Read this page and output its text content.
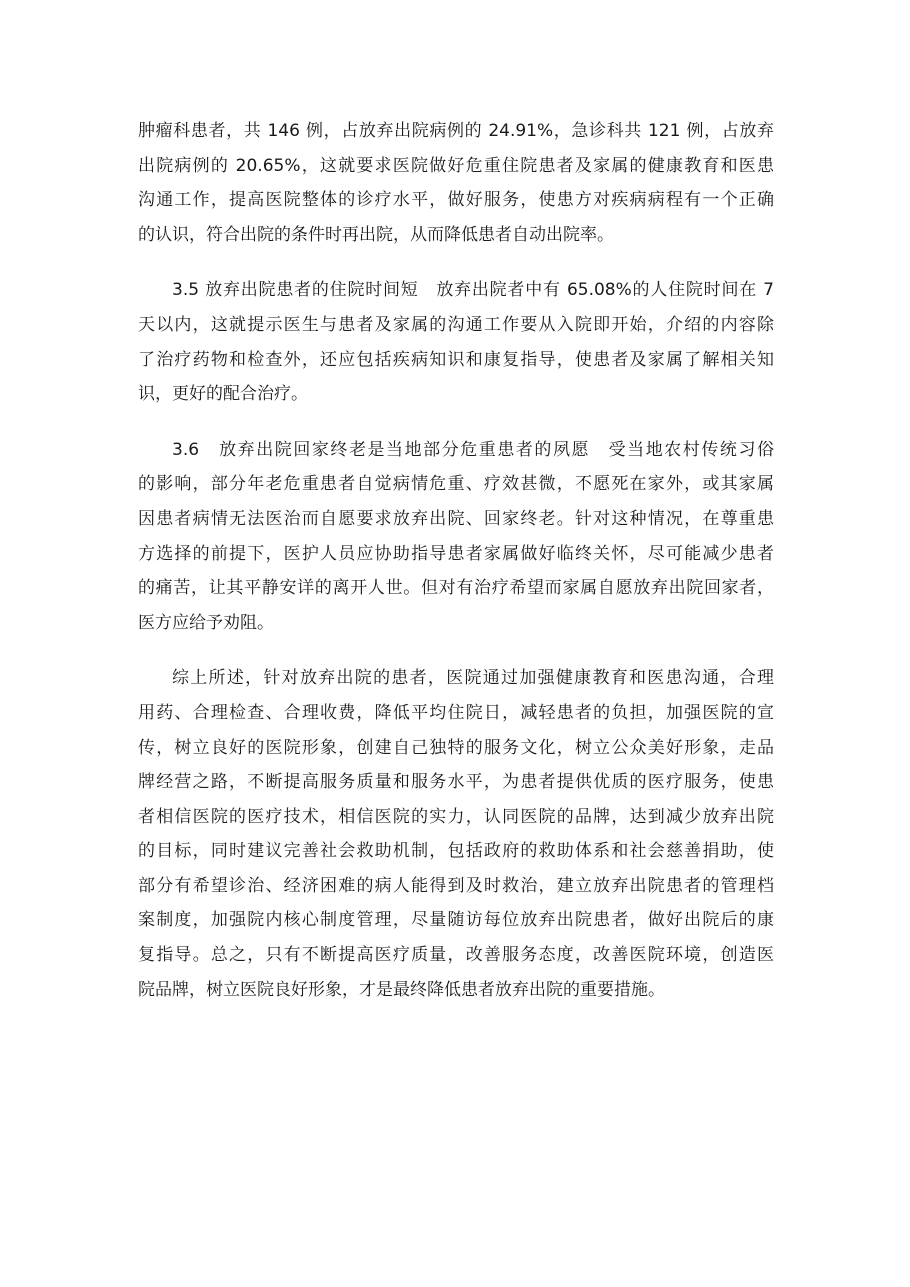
肿瘤科患者，共 146 例，占放弃出院病例的 24.91%，急诊科共 121 例，占放弃
出院病例的 20.65%，这就要求医院做好危重住院患者及家属的健康教育和医患
沟通工作，提高医院整体的诊疗水平，做好服务，使患方对疾病病程有一个正确
的认识，符合出院的条件时再出院，从而降低患者自动出院率。
3.5 放弃出院患者的住院时间短　放弃出院者中有 65.08%的人住院时间在 7
天以内，这就提示医生与患者及家属的沟通工作要从入院即开始，介绍的内容除
了治疗药物和检查外，还应包括疾病知识和康复指导，使患者及家属了解相关知
识，更好的配合治疗。
3.6　放弃出院回家终老是当地部分危重患者的夙愿　受当地农村传统习俗
的影响，部分年老危重患者自觉病情危重、疗效甚微，不愿死在家外，或其家属
因患者病情无法医治而自愿要求放弃出院、回家终老。针对这种情况，在尊重患
方选择的前提下，医护人员应协助指导患者家属做好临终关怀，尽可能减少患者
的痛苦，让其平静安详的离开人世。但对有治疗希望而家属自愿放弃出院回家者，
医方应给予劝阻。
综上所述，针对放弃出院的患者，医院通过加强健康教育和医患沟通，合理
用药、合理检查、合理收费，降低平均住院日，减轻患者的负担，加强医院的宣
传，树立良好的医院形象，创建自己独特的服务文化，树立公众美好形象，走品
牌经营之路，不断提高服务质量和服务水平，为患者提供优质的医疗服务，使患
者相信医院的医疗技术，相信医院的实力，认同医院的品牌，达到减少放弃出院
的目标，同时建议完善社会救助机制，包括政府的救助体系和社会慈善捐助，使
部分有希望诊治、经济困难的病人能得到及时救治，建立放弃出院患者的管理档
案制度，加强院内核心制度管理，尽量随访每位放弃出院患者，做好出院后的康
复指导。总之，只有不断提高医疗质量，改善服务态度，改善医院环境，创造医
院品牌，树立医院良好形象，才是最终降低患者放弃出院的重要措施。
